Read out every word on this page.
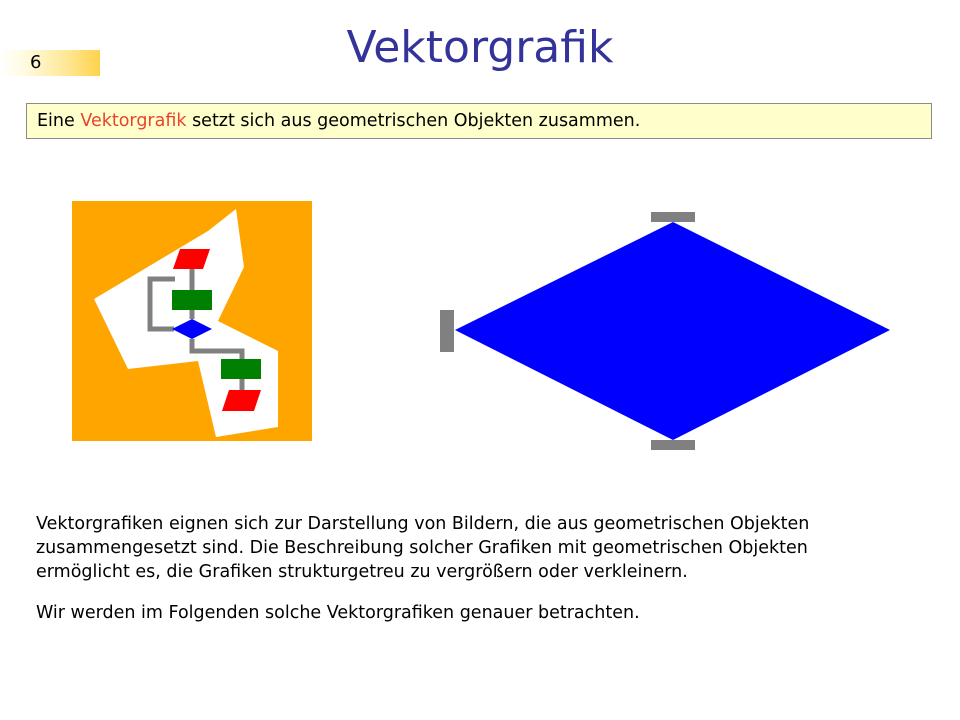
6	Vektorgrafik
Eine Vektorgrafik setzt sich aus geometrischen Objekten zusammen.

Vektorgrafiken eignen sich zur Darstellung von Bildern, die aus geometrischen Objekten zusammengesetzt sind. Die Beschreibung solcher Grafiken mit geometrischen Objekten ermöglicht es, die Grafiken strukturgetreu zu vergrößern oder verkleinern.

Wir werden im Folgenden solche Vektorgrafiken genauer betrachten.
